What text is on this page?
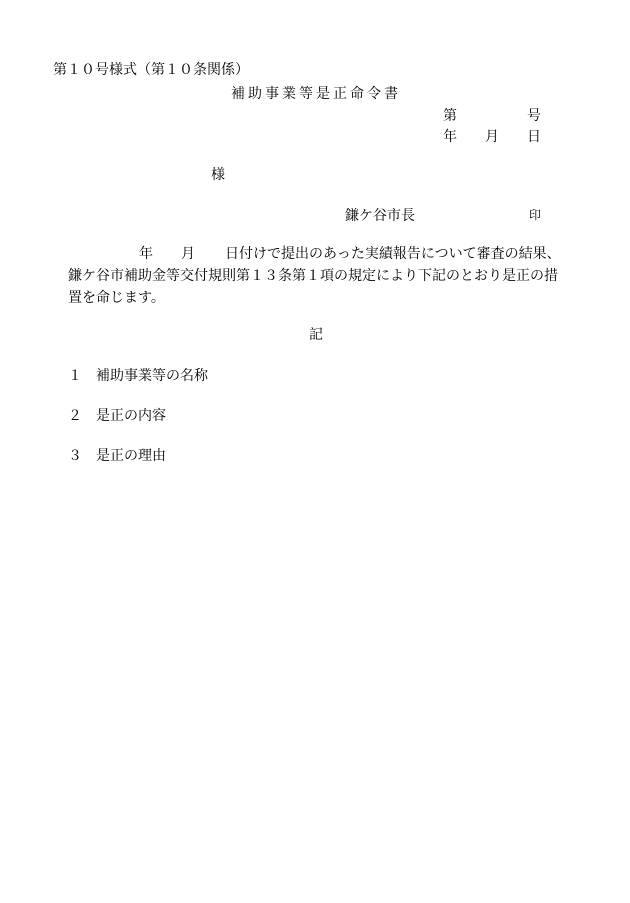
第１０号様式（第１０条関係）
補助事業等是正命令書
第	号
年 月 日
様
鎌ケ谷市長	印
年 月 日付けで提出のあった実績報告について審査の結果、
鎌ケ谷市補助金等交付規則第１３条第１項の規定により下記のとおり是正の措
置を命じます。
記
１ 補助事業等の名称
２ 是正の内容
３ 是正の理由
